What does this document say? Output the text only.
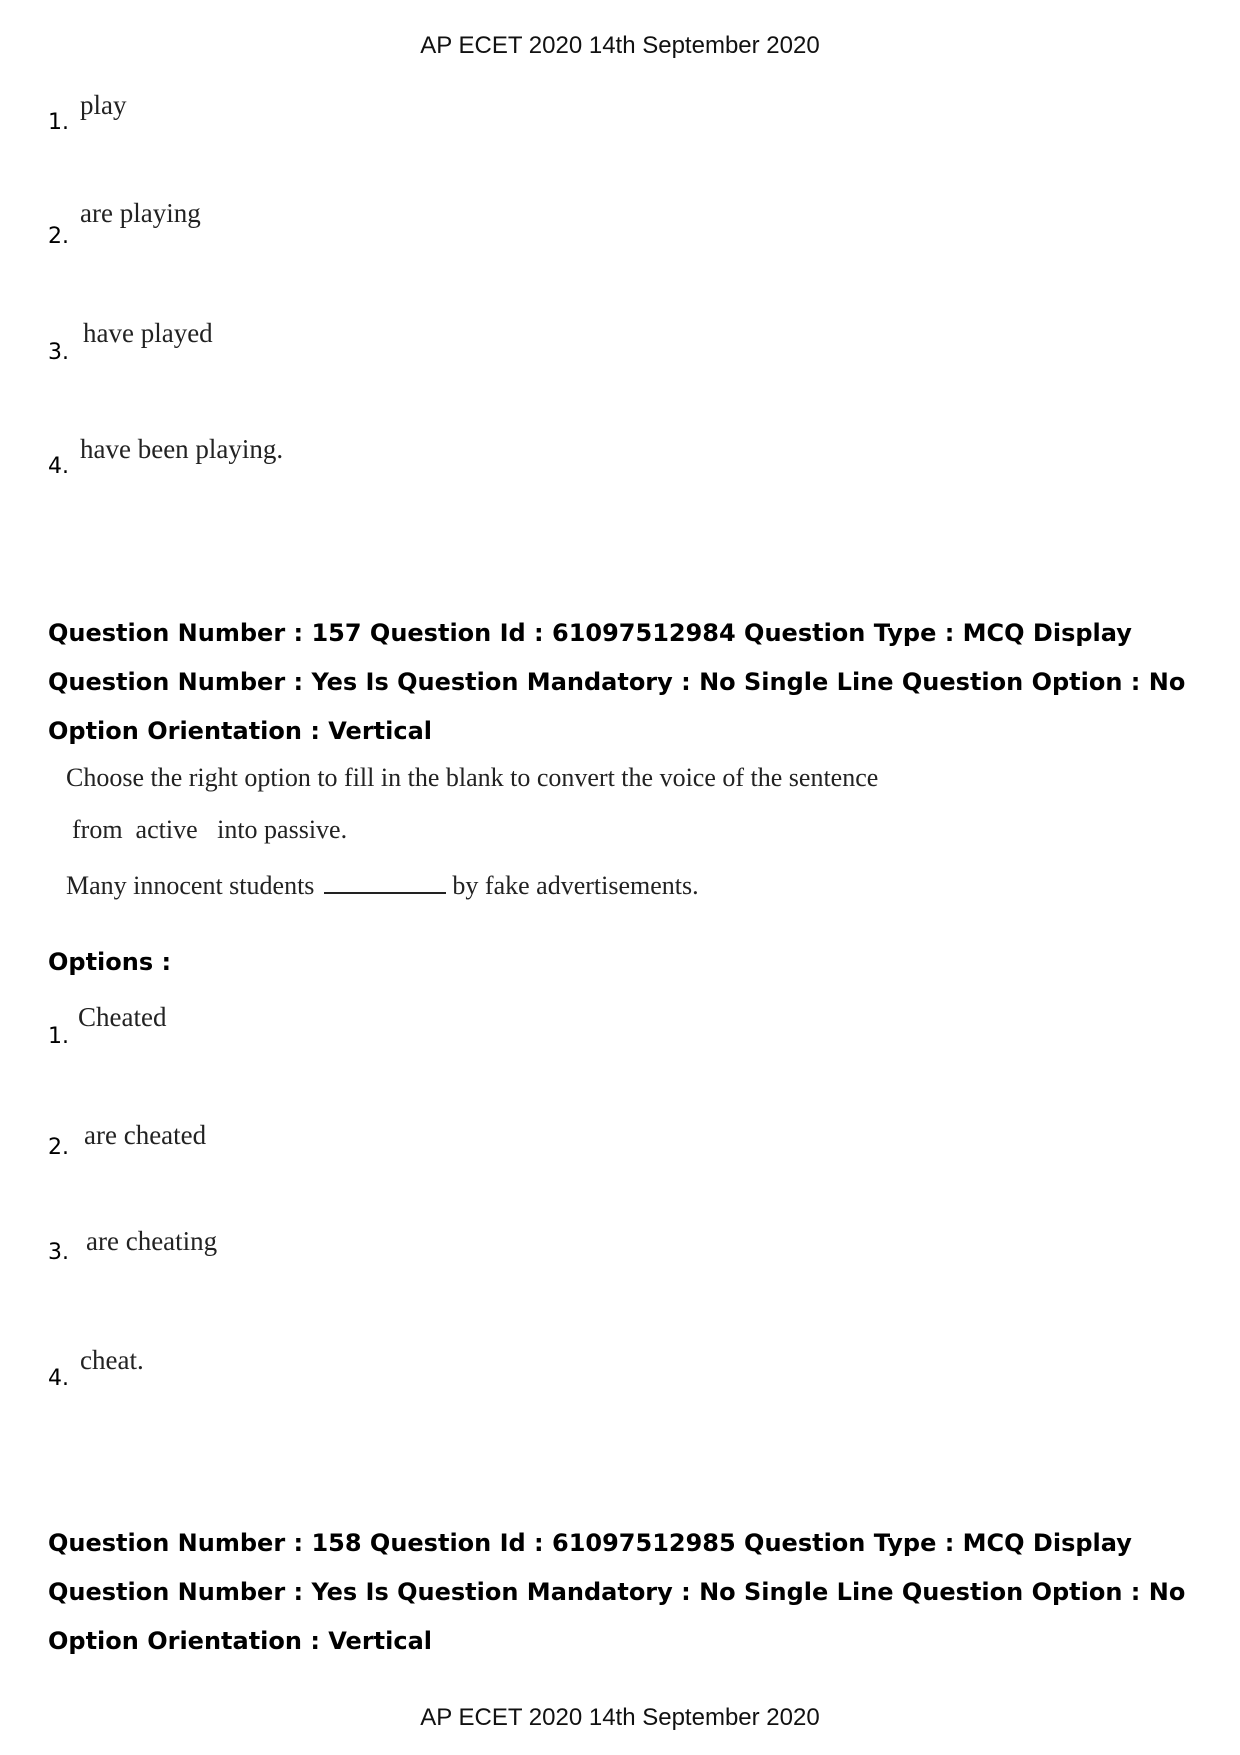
AP ECET 2020 14th September 2020
1.
play
2.
are playing
3.
have played
4.
have been playing.

Question Number : 157 Question Id : 61097512984 Question Type : MCQ Display Question Number : Yes Is Question Mandatory : No Single Line Question Option : No Option Orientation : Vertical

Choose the right option to fill in the blank to convert the voice of the sentence
from  active   into passive.
Many innocent students	by fake advertisements.
Options :
1.
Cheated
2. are cheated
3. are cheating
4.
cheat.

Question Number : 158 Question Id : 61097512985 Question Type : MCQ Display Question Number : Yes Is Question Mandatory : No Single Line Question Option : No Option Orientation : Vertical

AP ECET 2020 14th September 2020
